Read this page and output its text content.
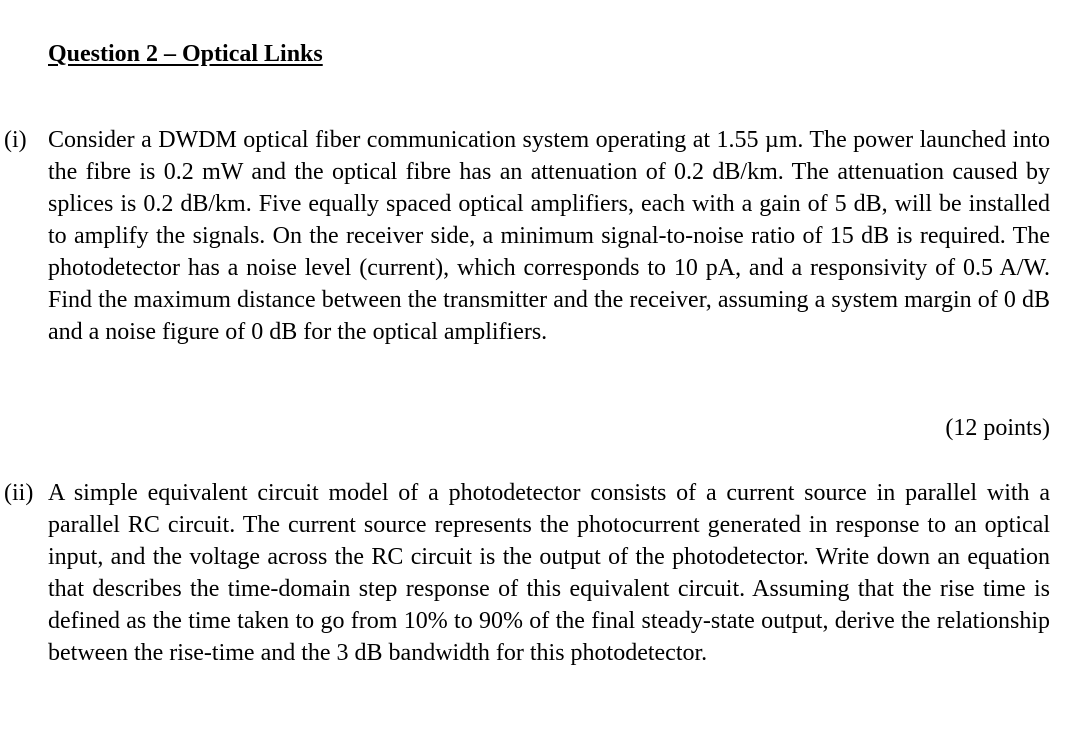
Question 2 – Optical Links
(i) Consider a DWDM optical fiber communication system operating at 1.55 µm. The power launched into the fibre is 0.2 mW and the optical fibre has an attenuation of 0.2 dB/km. The attenuation caused by splices is 0.2 dB/km. Five equally spaced optical amplifiers, each with a gain of 5 dB, will be installed to amplify the signals. On the receiver side, a minimum signal-to-noise ratio of 15 dB is required. The photodetector has a noise level (current), which corresponds to 10 pA, and a responsivity of 0.5 A/W. Find the maximum distance between the transmitter and the receiver, assuming a system margin of 0 dB and a noise figure of 0 dB for the optical amplifiers.

(12 points)
(ii) A simple equivalent circuit model of a photodetector consists of a current source in parallel with a parallel RC circuit. The current source represents the photocurrent generated in response to an optical input, and the voltage across the RC circuit is the output of the photodetector. Write down an equation that describes the time-domain step response of this equivalent circuit. Assuming that the rise time is defined as the time taken to go from 10% to 90% of the final steady-state output, derive the relationship between the rise-time and the 3 dB bandwidth for this photodetector.
